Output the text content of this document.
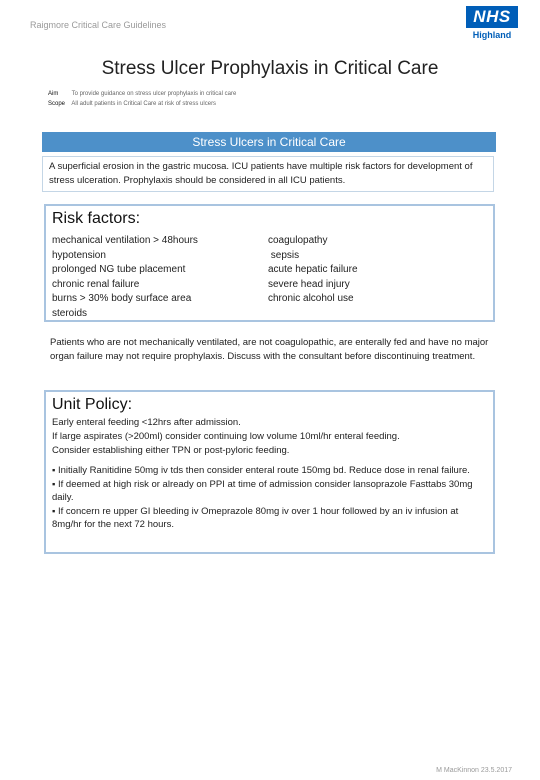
Raigmore Critical Care Guidelines	NHS
Highland
Stress Ulcer Prophylaxis in Critical Care
Aim To provide guidance on stress ulcer prophylaxis in critical care
Scope All adult patients in Critical Care at risk of stress ulcers
Stress Ulcers in Critical Care
A superficial erosion in the gastric mucosa. ICU patients have multiple risk factors for development of stress ulceration. Prophylaxis should be considered in all ICU patients.
Risk factors:
mechanical ventilation > 48hours
hypotension
prolonged NG tube placement
chronic renal failure
burns > 30% body surface area
steroids
coagulopathy
sepsis
acute hepatic failure
severe head injury
chronic alcohol use
Patients who are not mechanically ventilated, are not coagulopathic, are enterally fed and have no major organ failure may not require prophylaxis. Discuss with the consultant before discontinuing treatment.
Unit Policy:
Early enteral feeding <12hrs after admission.
If large aspirates (>200ml) consider continuing low volume 10ml/hr enteral feeding.
Consider establishing either TPN or post-pyloric feeding.
▪ Initially Ranitidine 50mg iv tds then consider enteral route 150mg bd. Reduce dose in renal failure.
▪ If deemed at high risk or already on PPI at time of admission consider lansoprazole Fasttabs 30mg daily.
▪ If concern re upper GI bleeding iv Omeprazole 80mg iv over 1 hour followed by an iv infusion at 8mg/hr for the next 72 hours.
M MacKinnon 23.5.2017
